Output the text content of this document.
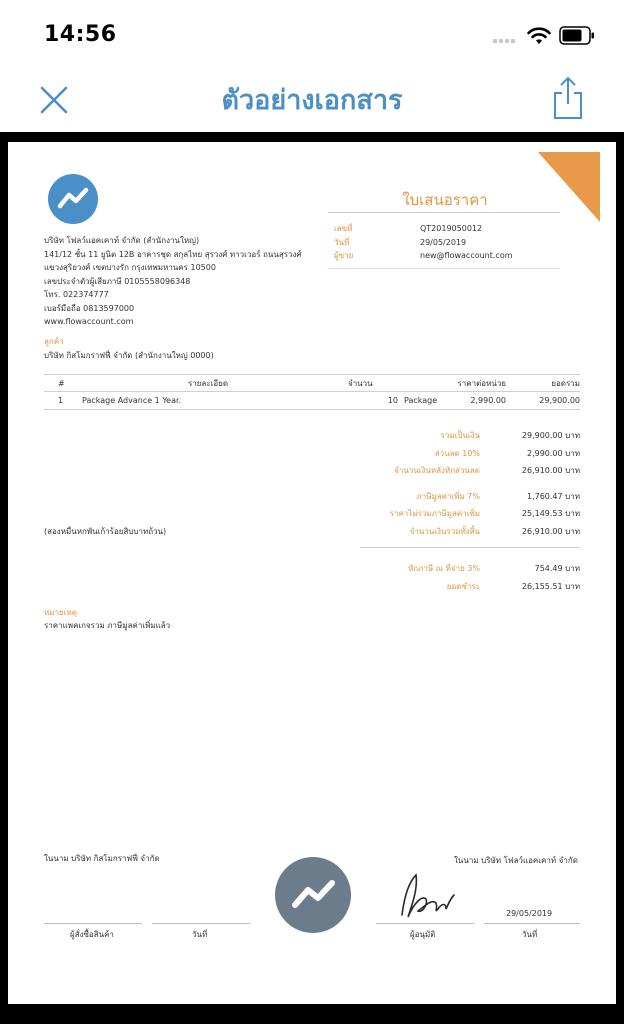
14:56
ตัวอย่างเอกสาร
บริษัท โฟลว์แอคเคาท์ จำกัด (สำนักงานใหญ่)
141/12 ชั้น 11 ยูนิต 12B อาคารชุด สกุลไทย สุรวงศ์ ทาวเวอร์ ถนนสุรวงศ์
แขวงสุริยวงศ์ เขตบางรัก กรุงเทพมหานคร 10500
เลขประจำตัวผู้เสียภาษี 0105558096348
โทร. 022374777
เบอร์มือถือ 0813597000
www.flowaccount.com
ใบเสนอราคา
เลขที่	QT2019050012
วันที่	29/05/2019
ผู้ขาย	new@flowaccount.com
ลูกค้า
บริษัท กิสโมกราฟฟี่ จำกัด (สำนักงานใหญ่ 0000)
#	รายละเอียด	จำนวน	ราคาต่อหน่วย	ยอดรวม
1	Package Advance 1 Year.	10 Package	2,990.00	29,900.00
รวมเป็นเงิน	29,900.00 บาท
ส่วนลด 10%	2,990.00 บาท
จำนวนเงินหลังหักส่วนลด	26,910.00 บาท
ภาษีมูลค่าเพิ่ม 7%	1,760.47 บาท
ราคาไม่รวมภาษีมูลค่าเพิ่ม	25,149.53 บาท
จำนวนเงินรวมทั้งสิ้น	26,910.00 บาท
หักภาษี ณ ที่จ่าย 3%	754.49 บาท
ยอดชำระ	26,155.51 บาท
(สองหมื่นหกพันเก้าร้อยสิบบาทถ้วน)
หมายเหตุ
ราคาแพคเกจรวม ภาษีมูลค่าเพิ่มแล้ว
ในนาม บริษัท กิสโมกราฟฟี่ จำกัด	ในนาม บริษัท โฟลว์แอคเคาท์ จำกัด
29/05/2019
ผู้สั่งซื้อสินค้า	วันที่	ผู้อนุมัติ	วันที่
